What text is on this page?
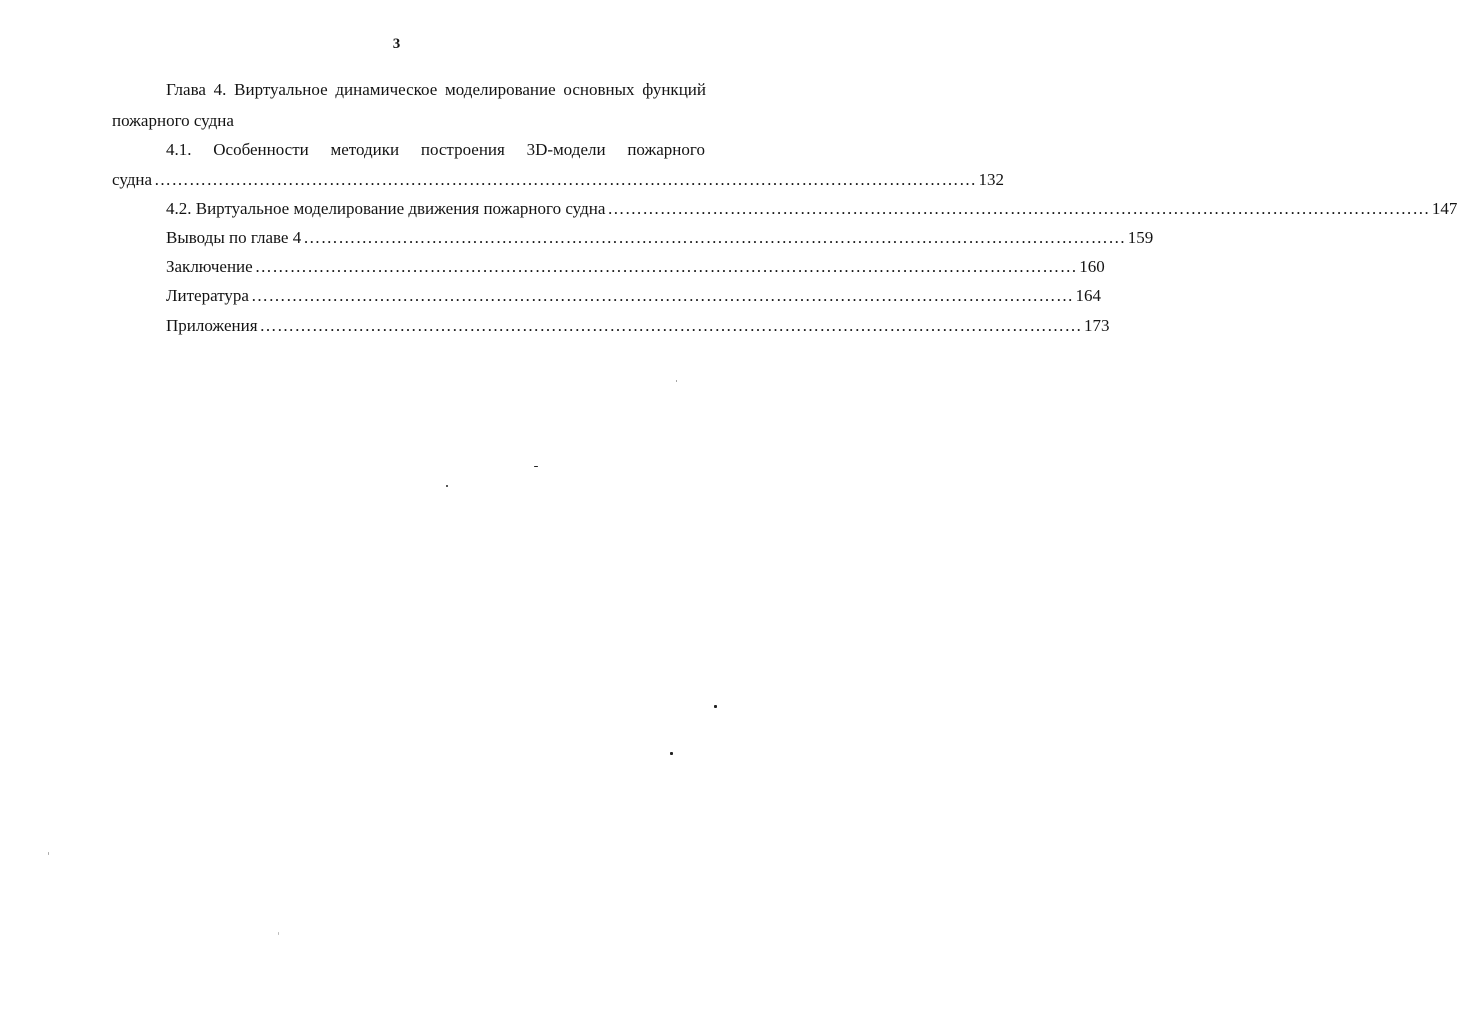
3
Глава 4. Виртуальное динамическое моделирование основных функций
пожарного судна
4.1. Особенности методики построения 3D-модели пожарного
судна …………………………………………………………………………………………………………………………… 132
4.2. Виртуальное моделирование движения пожарного судна …………………………………………………………………………………………………………………………… 147
Выводы по главе 4 …………………………………………………………………………………………………………………………… 159
Заключение …………………………………………………………………………………………………………………………… 160
Литература …………………………………………………………………………………………………………………………… 164
Приложения …………………………………………………………………………………………………………………………… 173
